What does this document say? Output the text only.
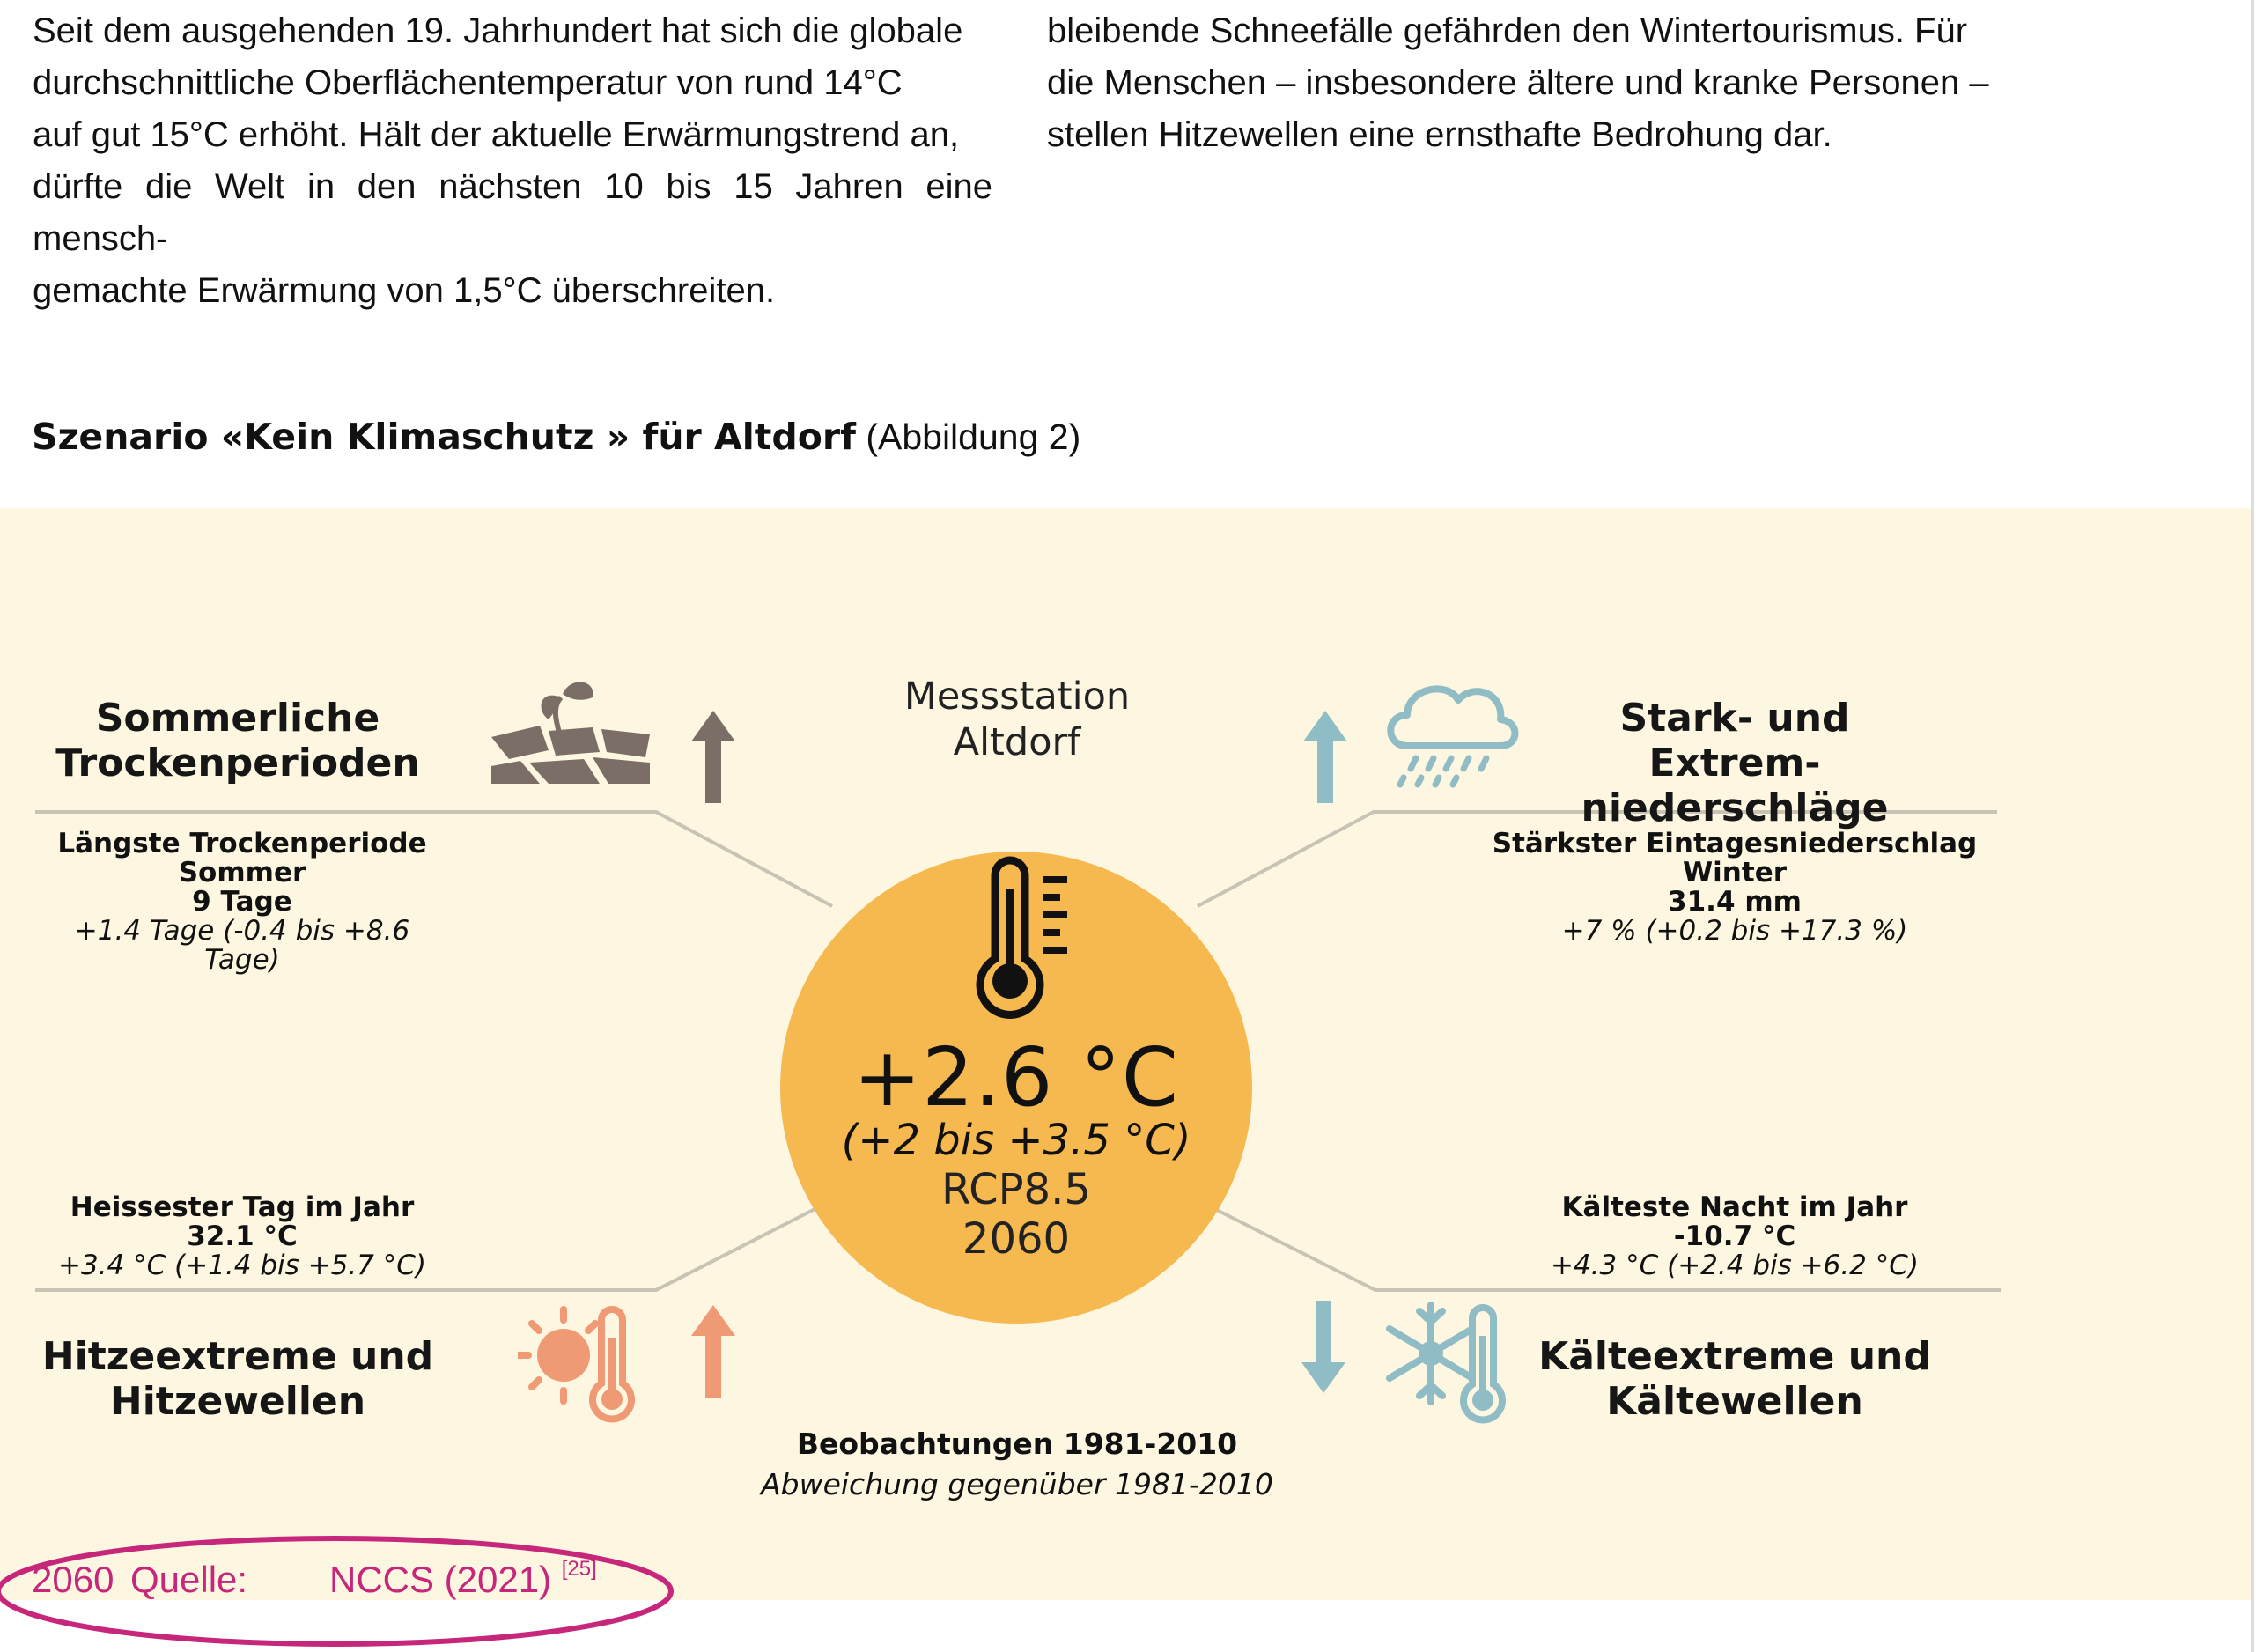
Seit dem ausgehenden 19. Jahrhundert hat sich die globale
durchschnittliche Oberflächentemperatur von rund 14°C
auf gut 15°C erhöht. Hält der aktuelle Erwärmungstrend an,
dürfte die Welt in den nächsten 10 bis 15 Jahren eine mensch-
gemachte Erwärmung von 1,5°C überschreiten.
bleibende Schneefälle gefährden den Wintertourismus. Für
die Menschen – insbesondere ältere und kranke Personen –
stellen Hitzewellen eine ernsthafte Bedrohung dar.
Szenario «Kein Klimaschutz » für Altdorf (Abbildung 2)
Sommerliche
Trockenperioden
Längste Trockenperiode
Sommer
9 Tage
+1.4 Tage (-0.4 bis +8.6 Tage)
Stark- und Extrem-
niederschläge
Stärkster Eintagesniederschlag
Winter
31.4 mm
+7 % (+0.2 bis +17.3 %)
Messstation
Altdorf
+2.6 °C
(+2 bis +3.5 °C)
RCP8.5
2060
Heissester Tag im Jahr
32.1 °C
+3.4 °C (+1.4 bis +5.7 °C)
Hitzeextreme und
Hitzewellen
Kälteste Nacht im Jahr
-10.7 °C
+4.3 °C (+2.4 bis +6.2 °C)
Kälteextreme und
Kältewellen
Beobachtungen 1981-2010
Abweichung gegenüber 1981-2010
2060 Quelle: NCCS (2021) [25]
